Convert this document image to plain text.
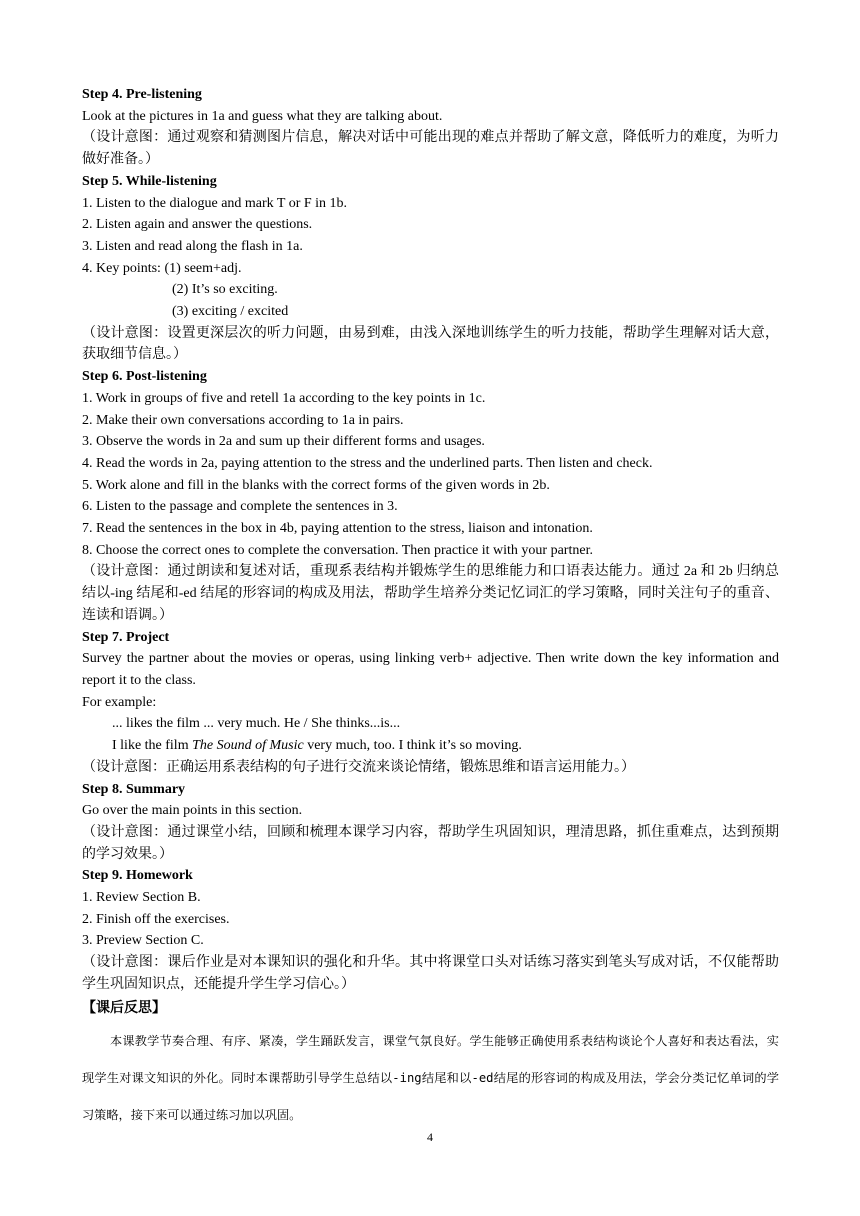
Step 4. Pre-listening
Look at the pictures in 1a and guess what they are talking about.
（设计意图：通过观察和猜测图片信息，解决对话中可能出现的难点并帮助了解文意，降低听力的难度，为听力做好准备。）
Step 5. While-listening
1. Listen to the dialogue and mark T or F in 1b.
2. Listen again and answer the questions.
3. Listen and read along the flash in 1a.
4. Key points: (1) seem+adj.
(2) It’s so exciting.
(3) exciting / excited
（设计意图：设置更深层次的听力问题，由易到难，由浅入深地训练学生的听力技能，帮助学生理解对话大意，获取细节信息。）
Step 6. Post-listening
1. Work in groups of five and retell 1a according to the key points in 1c.
2. Make their own conversations according to 1a in pairs.
3. Observe the words in 2a and sum up their different forms and usages.
4. Read the words in 2a, paying attention to the stress and the underlined parts. Then listen and check.
5. Work alone and fill in the blanks with the correct forms of the given words in 2b.
6. Listen to the passage and complete the sentences in 3.
7. Read the sentences in the box in 4b, paying attention to the stress, liaison and intonation.
8. Choose the correct ones to complete the conversation. Then practice it with your partner.
（设计意图：通过朗读和复述对话，重现系表结构并锻炼学生的思维能力和口语表达能力。通过 2a 和 2b 归纳总结以-ing 结尾和-ed 结尾的形容词的构成及用法，帮助学生培养分类记忆词汇的学习策略，同时关注句子的重音、连读和语调。）
Step 7. Project
Survey the partner about the movies or operas, using linking verb+ adjective. Then write down the key information and report it to the class.
For example:
... likes the film ... very much. He / She thinks...is...
I like the film The Sound of Music very much, too. I think it’s so moving.
（设计意图：正确运用系表结构的句子进行交流来谈论情绪，锻炼思维和语言运用能力。）
Step 8. Summary
Go over the main points in this section.
（设计意图：通过课堂小结，回顾和梳理本课学习内容，帮助学生巩固知识，理清思路，抓住重难点，达到预期的学习效果。）
Step 9. Homework
1. Review Section B.
2. Finish off the exercises.
3. Preview Section C.
（设计意图：课后作业是对本课知识的强化和升华。其中将课堂口头对话练习落实到笔头写成对话，不仅能帮助学生巩固知识点，还能提升学生学习信心。）
【课后反思】
本课教学节奏合理、有序、紧凑，学生踊跃发言，课堂气氛良好。学生能够正确使用系表结构谈论个人喜好和表达看法，实现学生对课文知识的外化。同时本课帮助引导学生总结以-ing结尾和以-ed结尾的形容词的构成及用法，学会分类记忆单词的学习策略，接下来可以通过练习加以巩固。
4
